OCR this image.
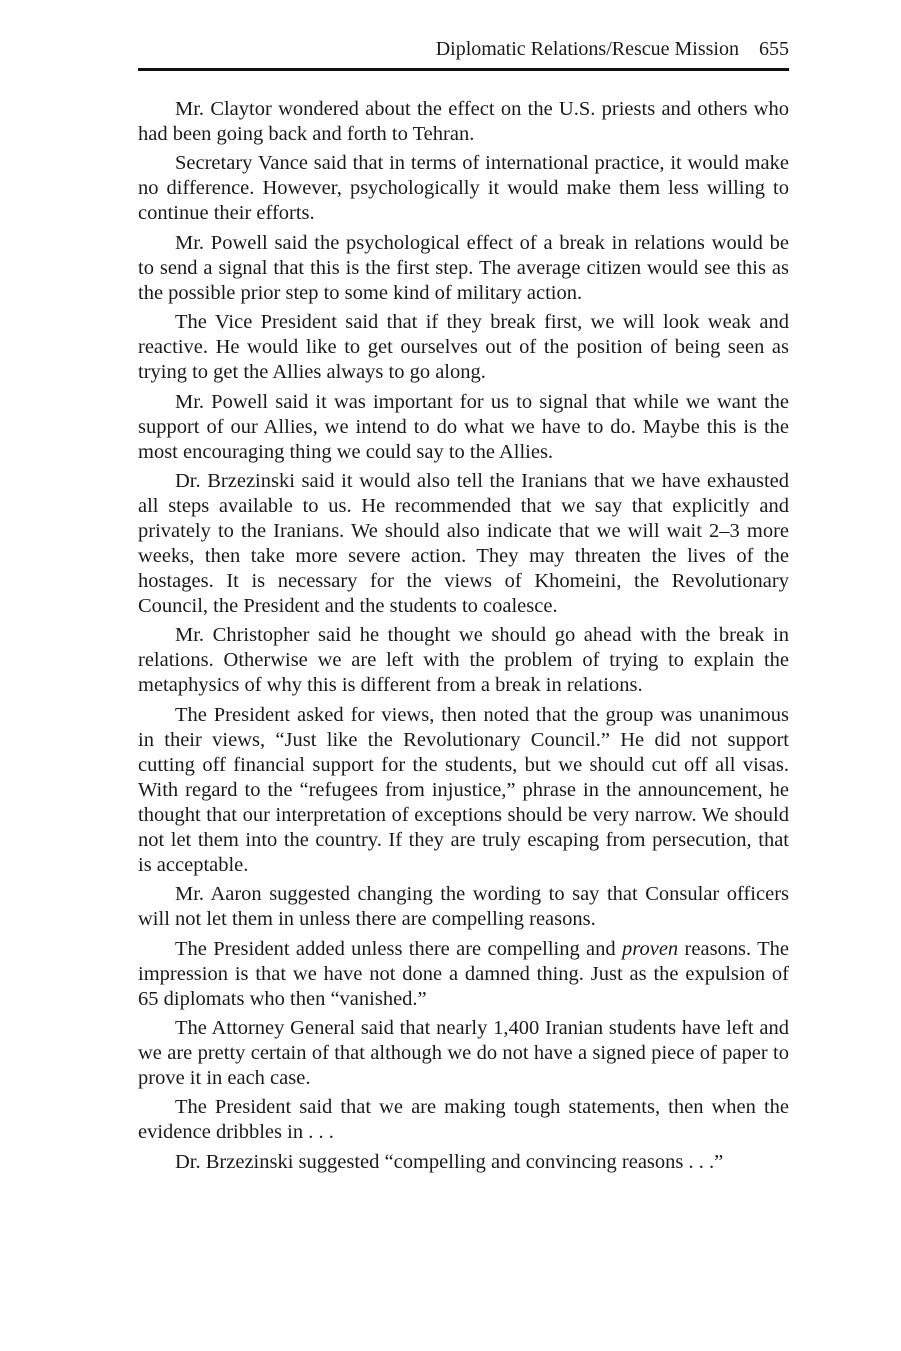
Diplomatic Relations/Rescue Mission 655

Mr. Claytor wondered about the effect on the U.S. priests and others who had been going back and forth to Tehran.

Secretary Vance said that in terms of international practice, it would make no difference. However, psychologically it would make them less willing to continue their efforts.

Mr. Powell said the psychological effect of a break in relations would be to send a signal that this is the first step. The average citizen would see this as the possible prior step to some kind of military action.

The Vice President said that if they break first, we will look weak and reactive. He would like to get ourselves out of the position of being seen as trying to get the Allies always to go along.

Mr. Powell said it was important for us to signal that while we want the support of our Allies, we intend to do what we have to do. Maybe this is the most encouraging thing we could say to the Allies.

Dr. Brzezinski said it would also tell the Iranians that we have exhausted all steps available to us. He recommended that we say that explicitly and privately to the Iranians. We should also indicate that we will wait 2–3 more weeks, then take more severe action. They may threaten the lives of the hostages. It is necessary for the views of Khomeini, the Revolutionary Council, the President and the students to coalesce.

Mr. Christopher said he thought we should go ahead with the break in relations. Otherwise we are left with the problem of trying to explain the metaphysics of why this is different from a break in relations.

The President asked for views, then noted that the group was unanimous in their views, “Just like the Revolutionary Council.” He did not support cutting off financial support for the students, but we should cut off all visas. With regard to the “refugees from injustice,” phrase in the announcement, he thought that our interpretation of exceptions should be very narrow. We should not let them into the country. If they are truly escaping from persecution, that is acceptable.

Mr. Aaron suggested changing the wording to say that Consular officers will not let them in unless there are compelling reasons.

The President added unless there are compelling and proven reasons. The impression is that we have not done a damned thing. Just as the expulsion of 65 diplomats who then “vanished.”

The Attorney General said that nearly 1,400 Iranian students have left and we are pretty certain of that although we do not have a signed piece of paper to prove it in each case.

The President said that we are making tough statements, then when the evidence dribbles in . . .

Dr. Brzezinski suggested “compelling and convincing reasons . . .”
